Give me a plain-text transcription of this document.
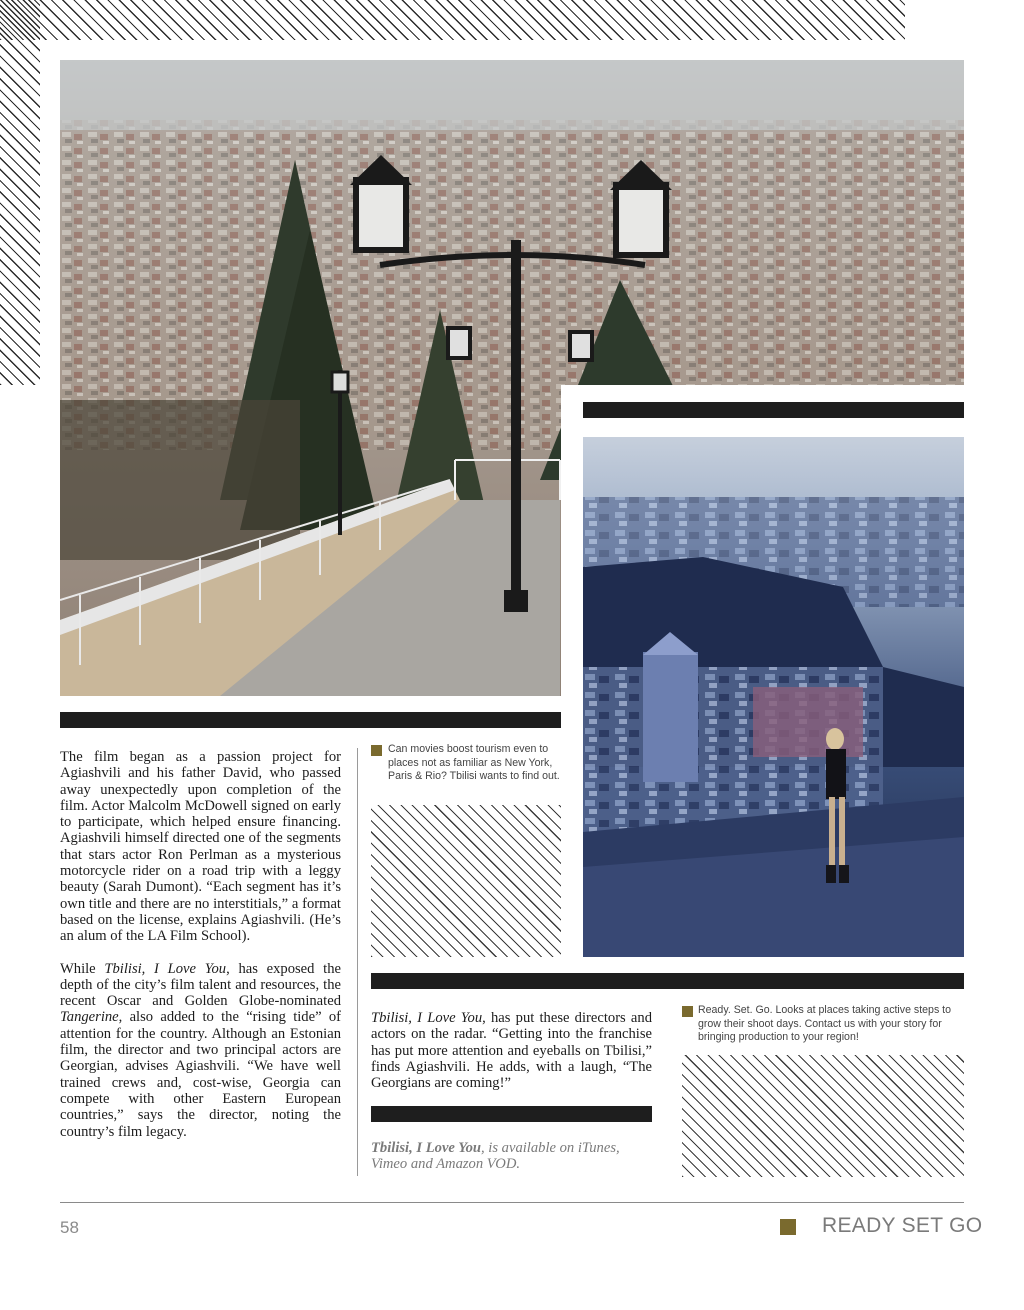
The film began as a passion project for Agiashvili and his father David, who passed away unexpectedly upon completion of the film. Actor Malcolm McDowell signed on early to participate, which helped ensure financing. Agiashvili himself directed one of the segments that stars actor Ron Perlman as a mysterious motorcycle rider on a road trip with a leggy beauty (Sarah Dumont). “Each segment has it’s own title and there are no interstitials,” a format based on the license, explains Agiashvili. (He’s an alum of the LA Film School).

While Tbilisi, I Love You, has exposed the depth of the city’s film talent and resources, the recent Oscar and Golden Globe-nominated Tangerine, also added to the “rising tide” of attention for the country. Although an Estonian film, the director and two principal actors are Georgian, advises Agiashvili. “We have well trained crews and, cost-wise, Georgia can compete with other Eastern European countries,” says the director, noting the country’s film legacy.

Can movies boost tourism even to places not as familiar as New York, Paris & Rio? Tbilisi wants to find out.

Tbilisi, I Love You, has put these directors and actors on the radar. “Getting into the franchise has put more attention and eyeballs on Tbilisi,” finds Agiashvili. He adds, with a laugh, “The Georgians are coming!”

Tbilisi, I Love You, is available on iTunes, Vimeo and Amazon VOD.
Ready. Set. Go. Looks at places taking active steps to grow their shoot days. Contact us with your story for bringing production to your region!
58	READY SET GO
